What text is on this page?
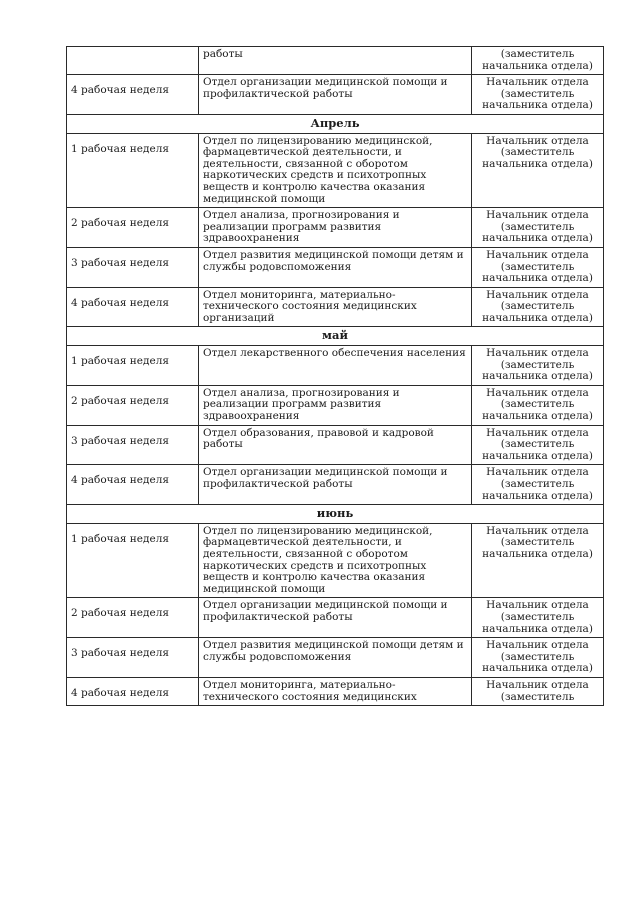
	работы	(заместитель начальника отдела)
4 рабочая неделя	Отдел организации медицинской помощи и профилактической работы	Начальник отдела (заместитель начальника отдела)
Апрель		
1 рабочая неделя	Отдел по лицензированию медицинской, фармацевтической деятельности, и деятельности, связанной с оборотом наркотических средств и психотропных веществ и контролю качества оказания медицинской помощи	Начальник отдела (заместитель начальника отдела)
2 рабочая неделя	Отдел анализа, прогнозирования и реализации программ развития здравоохранения	Начальник отдела (заместитель начальника отдела)
3 рабочая неделя	Отдел развития медицинской помощи детям и службы родовспоможения	Начальник отдела (заместитель начальника отдела)
4 рабочая неделя	Отдел мониторинга, материально-технического состояния медицинских организаций	Начальник отдела (заместитель начальника отдела)
май		
1 рабочая неделя	Отдел лекарственного обеспечения населения	Начальник отдела (заместитель начальника отдела)
2 рабочая неделя	Отдел анализа, прогнозирования и реализации программ развития здравоохранения	Начальник отдела (заместитель начальника отдела)
3 рабочая неделя	Отдел образования, правовой и кадровой работы	Начальник отдела (заместитель начальника отдела)
4 рабочая неделя	Отдел организации медицинской помощи и профилактической работы	Начальник отдела (заместитель начальника отдела)
июнь		
1 рабочая неделя	Отдел по лицензированию медицинской, фармацевтической деятельности, и деятельности, связанной с оборотом наркотических средств и психотропных веществ и контролю качества оказания медицинской помощи	Начальник отдела (заместитель начальника отдела)
2 рабочая неделя	Отдел организации медицинской помощи и профилактической работы	Начальник отдела (заместитель начальника отдела)
3 рабочая неделя	Отдел развития медицинской помощи детям и службы родовспоможения	Начальник отдела (заместитель начальника отдела)
4 рабочая неделя	Отдел мониторинга, материально-технического состояния медицинских	Начальник отдела (заместитель
